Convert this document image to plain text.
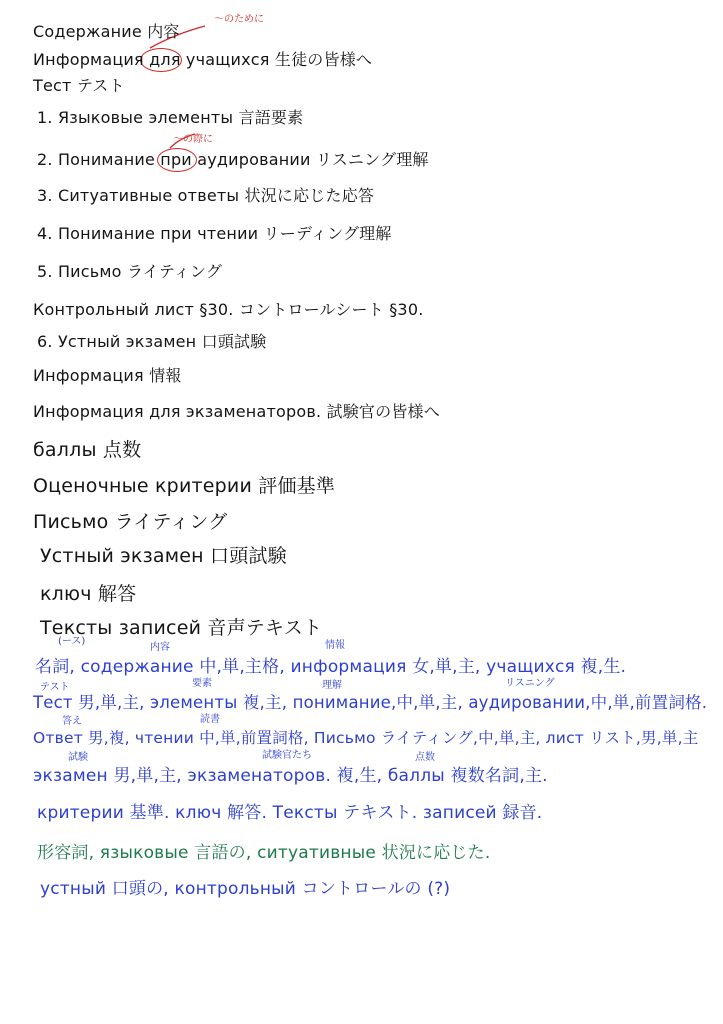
〜のために
〜の際に
Содержание 内容
Информация для учащихся 生徒の皆様へ
Тест テスト
1. Языковые элементы 言語要素
2. Понимание при аудировании リスニング理解
3. Ситуативные ответы 状況に応じた応答
4. Понимание при чтении リーディング理解
5. Письмо ライティング
Контрольный лист §30. コントロールシート §30.
6. Устный экзамен 口頭試験
Информация 情報
Информация для экзаменаторов. 試験官の皆様へ
баллы 点数
Оценочные критерии 評価基準
Письмо ライティング
Устный экзамен 口頭試験
ключ 解答
Тексты записей 音声テキスト
(ース)
内容	情報
名詞, содержание 中,単,主格, информация 女,単,主, учащихся 複,生.
テスト	要素	理解	リスニング
Тест 男,単,主, элементы 複,主, понимание,中,単,主, аудировании,中,単,前置詞格.
答え	読書
Ответ 男,複, чтении 中,単,前置詞格, Письмо ライティング,中,単,主, лист リスト,男,単,主
試験	試験官たち	点数
экзамен 男,単,主, экзаменаторов. 複,生, баллы 複数名詞,主.
критерии 基準. ключ 解答. Тексты テキスト. записей 録音.
形容詞, языковые 言語の, ситуативные 状況に応じた.
устный 口頭の, контрольный コントロールの (?)
